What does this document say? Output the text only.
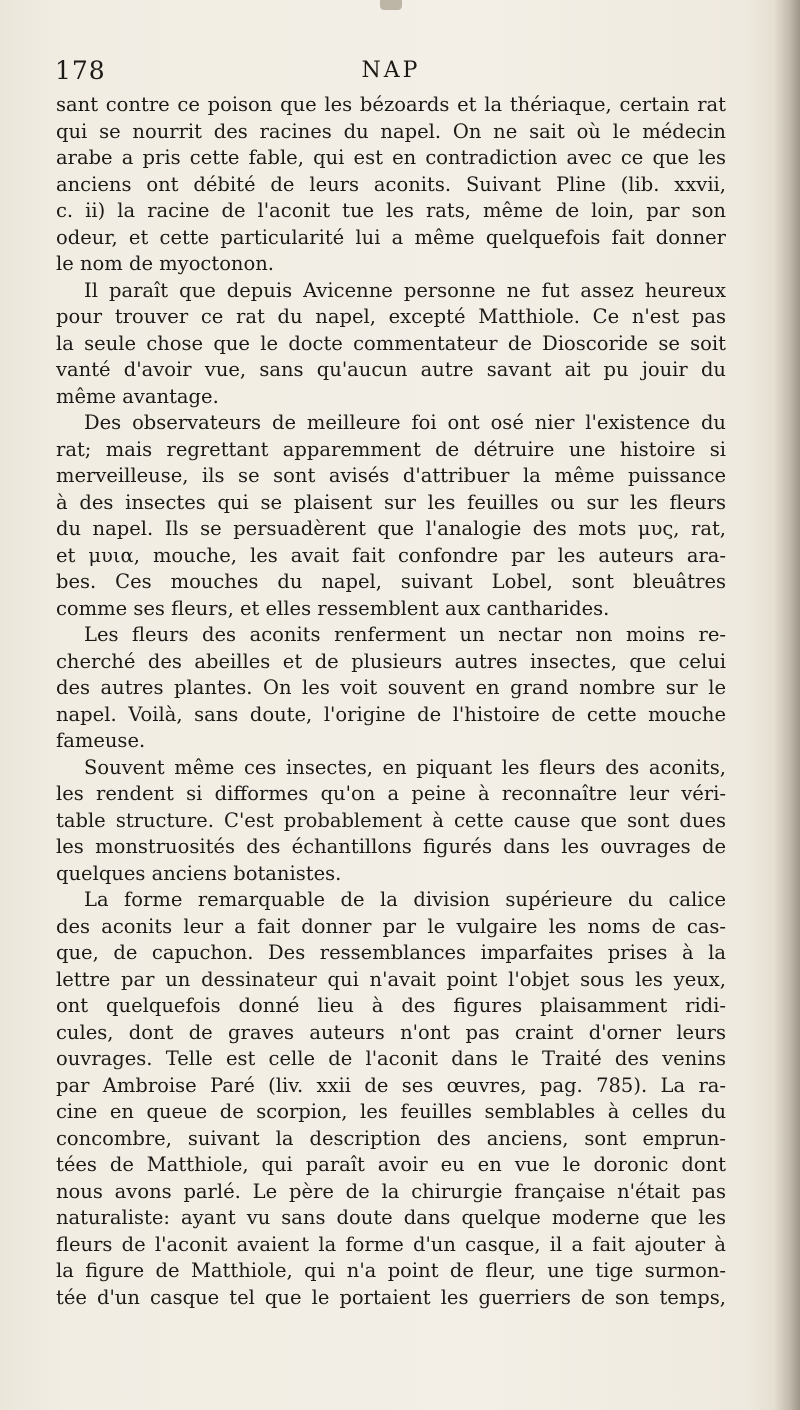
178	NAP
sant contre ce poison que les bézoards et la thériaque, certain rat
qui se nourrit des racines du napel. On ne sait où le médecin
arabe a pris cette fable, qui est en contradiction avec ce que les
anciens ont débité de leurs aconits. Suivant Pline (lib. xxvii,
c. ii) la racine de l'aconit tue les rats, même de loin, par son
odeur, et cette particularité lui a même quelquefois fait donner
le nom de myoctonon.
Il paraît que depuis Avicenne personne ne fut assez heureux
pour trouver ce rat du napel, excepté Matthiole. Ce n'est pas
la seule chose que le docte commentateur de Dioscoride se soit
vanté d'avoir vue, sans qu'aucun autre savant ait pu jouir du
même avantage.
Des observateurs de meilleure foi ont osé nier l'existence du
rat; mais regrettant apparemment de détruire une histoire si
merveilleuse, ils se sont avisés d'attribuer la même puissance
à des insectes qui se plaisent sur les feuilles ou sur les fleurs
du napel. Ils se persuadèrent que l'analogie des mots μυς, rat,
et μυια, mouche, les avait fait confondre par les auteurs ara-
bes. Ces mouches du napel, suivant Lobel, sont bleuâtres
comme ses fleurs, et elles ressemblent aux cantharides.
Les fleurs des aconits renferment un nectar non moins re-
cherché des abeilles et de plusieurs autres insectes, que celui
des autres plantes. On les voit souvent en grand nombre sur le
napel. Voilà, sans doute, l'origine de l'histoire de cette mouche
fameuse.
Souvent même ces insectes, en piquant les fleurs des aconits,
les rendent si difformes qu'on a peine à reconnaître leur véri-
table structure. C'est probablement à cette cause que sont dues
les monstruosités des échantillons figurés dans les ouvrages de
quelques anciens botanistes.
La forme remarquable de la division supérieure du calice
des aconits leur a fait donner par le vulgaire les noms de cas-
que, de capuchon. Des ressemblances imparfaites prises à la
lettre par un dessinateur qui n'avait point l'objet sous les yeux,
ont quelquefois donné lieu à des figures plaisamment ridi-
cules, dont de graves auteurs n'ont pas craint d'orner leurs
ouvrages. Telle est celle de l'aconit dans le Traité des venins
par Ambroise Paré (liv. xxii de ses œuvres, pag. 785). La ra-
cine en queue de scorpion, les feuilles semblables à celles du
concombre, suivant la description des anciens, sont emprun-
tées de Matthiole, qui paraît avoir eu en vue le doronic dont
nous avons parlé. Le père de la chirurgie française n'était pas
naturaliste: ayant vu sans doute dans quelque moderne que les
fleurs de l'aconit avaient la forme d'un casque, il a fait ajouter à
la figure de Matthiole, qui n'a point de fleur, une tige surmon-
tée d'un casque tel que le portaient les guerriers de son temps,
